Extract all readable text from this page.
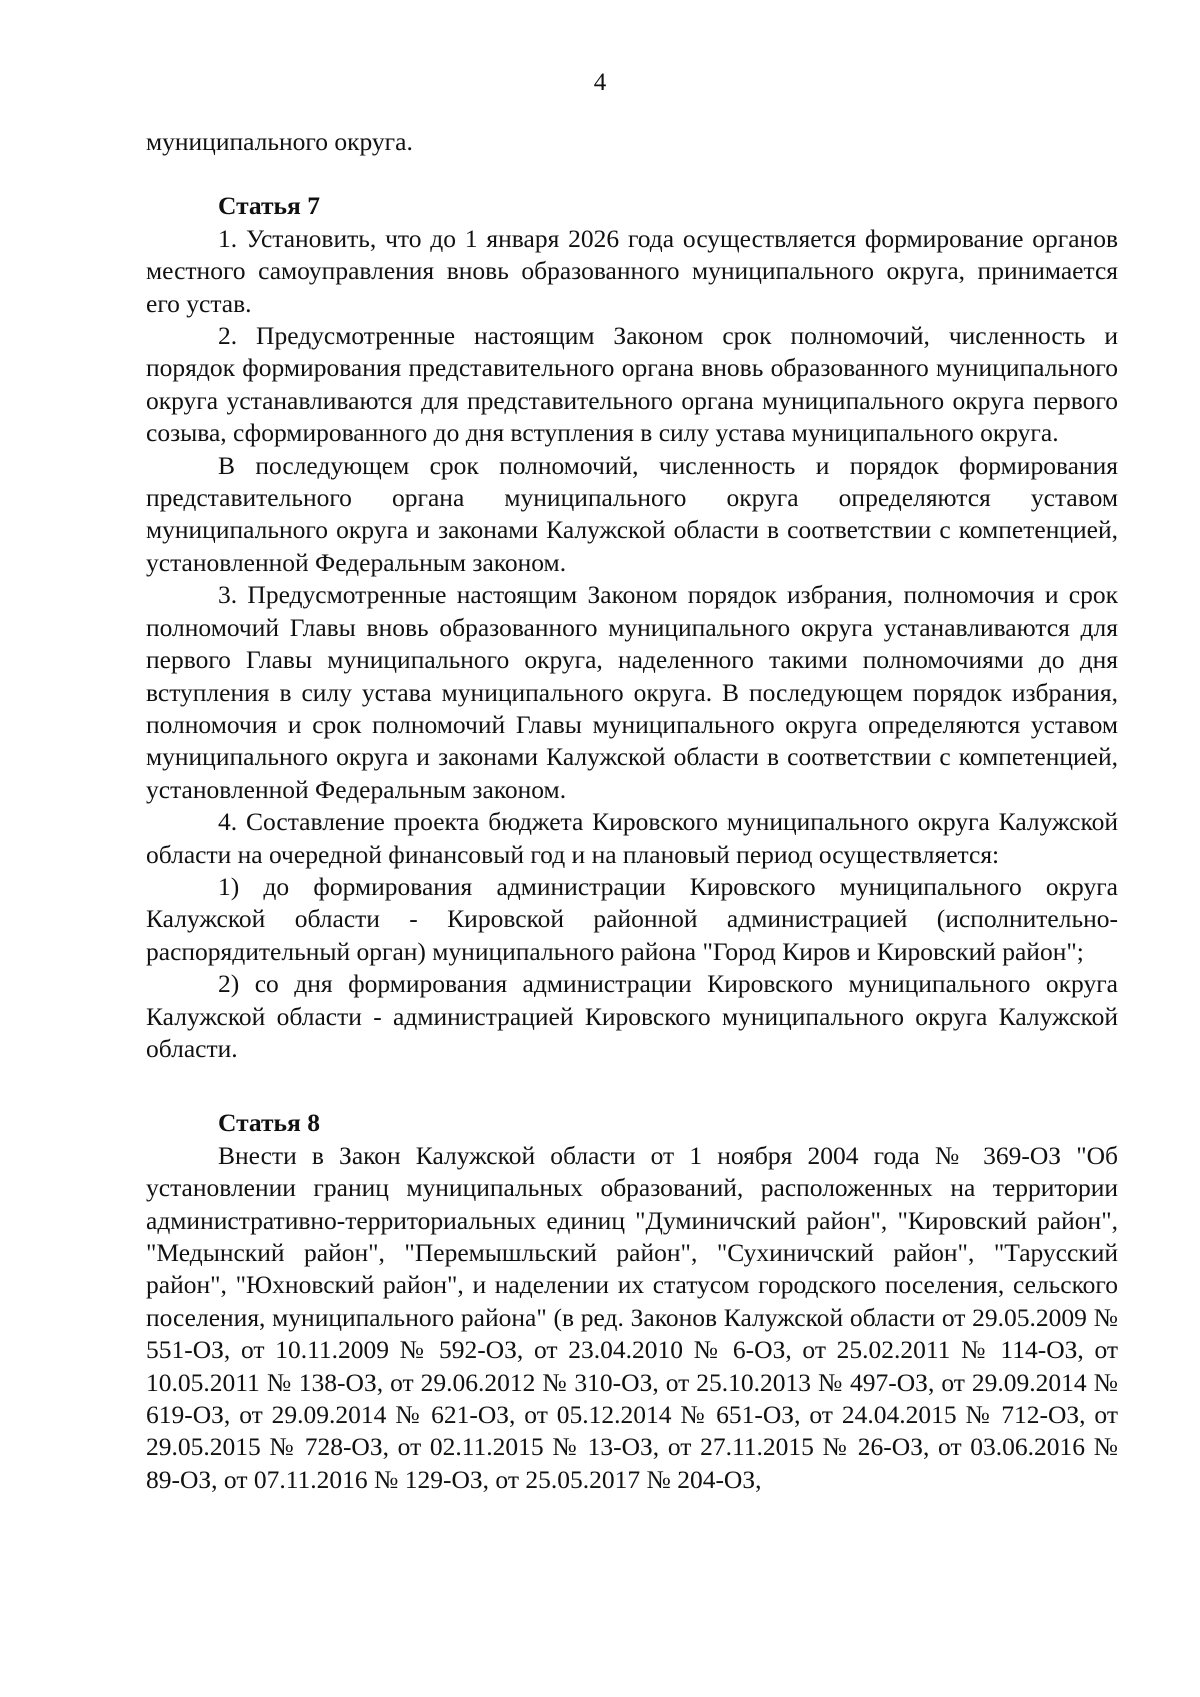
4

муниципального округа.

Статья 7

1. Установить, что до 1 января 2026 года осуществляется формирование органов местного самоуправления вновь образованного муниципального округа, принимается его устав.

2. Предусмотренные настоящим Законом срок полномочий, численность и порядок формирования представительного органа вновь образованного муниципального округа устанавливаются для представительного органа муниципального округа первого созыва, сформированного до дня вступления в силу устава муниципального округа.

В последующем срок полномочий, численность и порядок формирования представительного органа муниципального округа определяются уставом муниципального округа и законами Калужской области в соответствии с компетенцией, установленной Федеральным законом.

3. Предусмотренные настоящим Законом порядок избрания, полномочия и срок полномочий Главы вновь образованного муниципального округа устанавливаются для первого Главы муниципального округа, наделенного такими полномочиями до дня вступления в силу устава муниципального округа. В последующем порядок избрания, полномочия и срок полномочий Главы муниципального округа определяются уставом муниципального округа и законами Калужской области в соответствии с компетенцией, установленной Федеральным законом.

4. Составление проекта бюджета Кировского муниципального округа Калужской области на очередной финансовый год и на плановый период осуществляется:

1) до формирования администрации Кировского муниципального округа Калужской области - Кировской районной администрацией (исполнительно-распорядительный орган) муниципального района "Город Киров и Кировский район";

2) со дня формирования администрации Кировского муниципального округа Калужской области - администрацией Кировского муниципального округа Калужской области.

Статья 8

Внести в Закон Калужской области от 1 ноября 2004 года № 369-ОЗ "Об установлении границ муниципальных образований, расположенных на территории административно-территориальных единиц "Думиничский район", "Кировский район", "Медынский район", "Перемышльский район", "Сухиничский район", "Тарусский район", "Юхновский район", и наделении их статусом городского поселения, сельского поселения, муниципального района" (в ред. Законов Калужской области от 29.05.2009 № 551-ОЗ, от 10.11.2009 № 592-ОЗ, от 23.04.2010 № 6-ОЗ, от 25.02.2011 № 114-ОЗ, от 10.05.2011 № 138-ОЗ, от 29.06.2012 № 310-ОЗ, от 25.10.2013 № 497-ОЗ, от 29.09.2014 № 619-ОЗ, от 29.09.2014 № 621-ОЗ, от 05.12.2014 № 651-ОЗ, от 24.04.2015 № 712-ОЗ, от 29.05.2015 № 728-ОЗ, от 02.11.2015 № 13-ОЗ, от 27.11.2015 № 26-ОЗ, от 03.06.2016 № 89-ОЗ, от 07.11.2016 № 129-ОЗ, от 25.05.2017 № 204-ОЗ,
